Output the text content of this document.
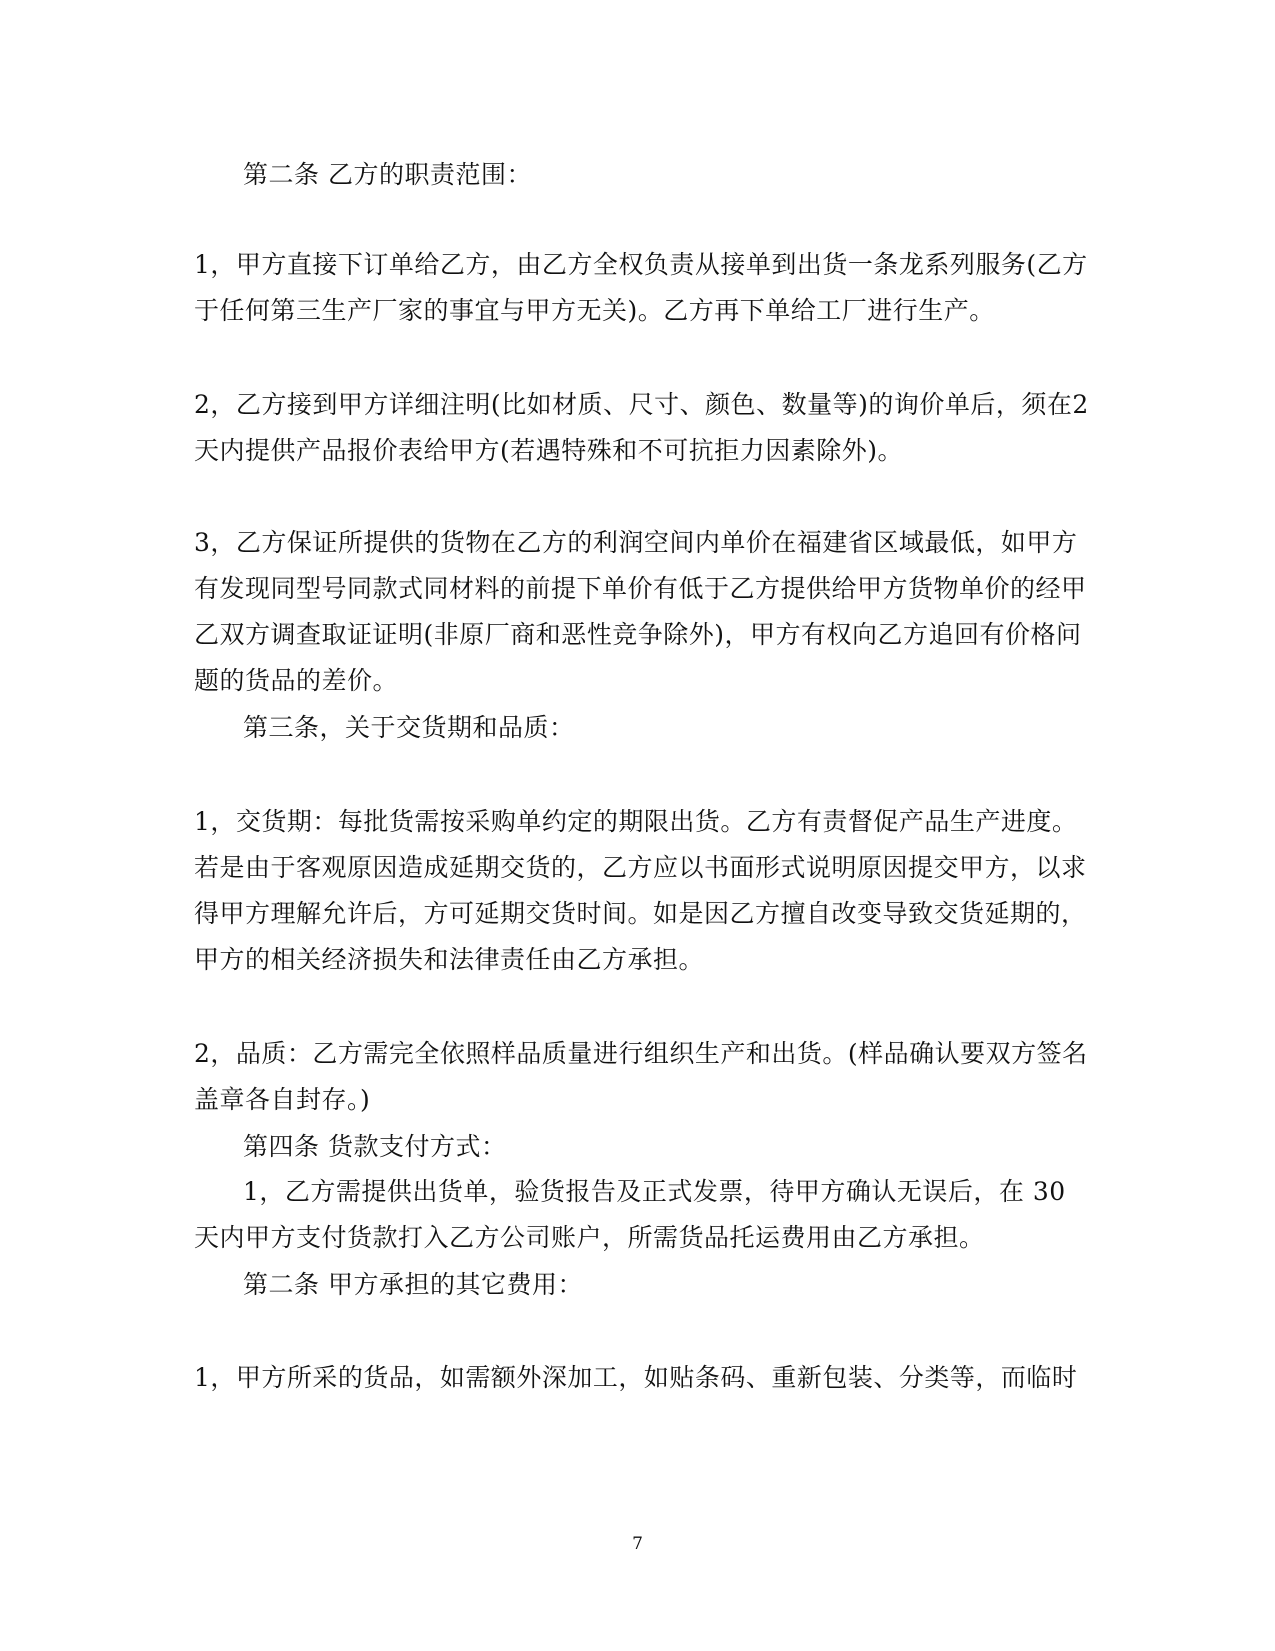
第二条 乙方的职责范围：
1，甲方直接下订单给乙方，由乙方全权负责从接单到出货一条龙系列服务(乙方
于任何第三生产厂家的事宜与甲方无关)。乙方再下单给工厂进行生产。
2，乙方接到甲方详细注明(比如材质、尺寸、颜色、数量等)的询价单后，须在2
天内提供产品报价表给甲方(若遇特殊和不可抗拒力因素除外)。
3，乙方保证所提供的货物在乙方的利润空间内单价在福建省区域最低，如甲方
有发现同型号同款式同材料的前提下单价有低于乙方提供给甲方货物单价的经甲
乙双方调查取证证明(非原厂商和恶性竞争除外)，甲方有权向乙方追回有价格问
题的货品的差价。
第三条，关于交货期和品质：
1，交货期：每批货需按采购单约定的期限出货。乙方有责督促产品生产进度。
若是由于客观原因造成延期交货的，乙方应以书面形式说明原因提交甲方，以求
得甲方理解允许后，方可延期交货时间。如是因乙方擅自改变导致交货延期的，
甲方的相关经济损失和法律责任由乙方承担。
2，品质：乙方需完全依照样品质量进行组织生产和出货。(样品确认要双方签名
盖章各自封存。)
第四条 货款支付方式：
1，乙方需提供出货单，验货报告及正式发票，待甲方确认无误后，在 30
天内甲方支付货款打入乙方公司账户，所需货品托运费用由乙方承担。
第二条 甲方承担的其它费用：
1，甲方所采的货品，如需额外深加工，如贴条码、重新包装、分类等，而临时
7
